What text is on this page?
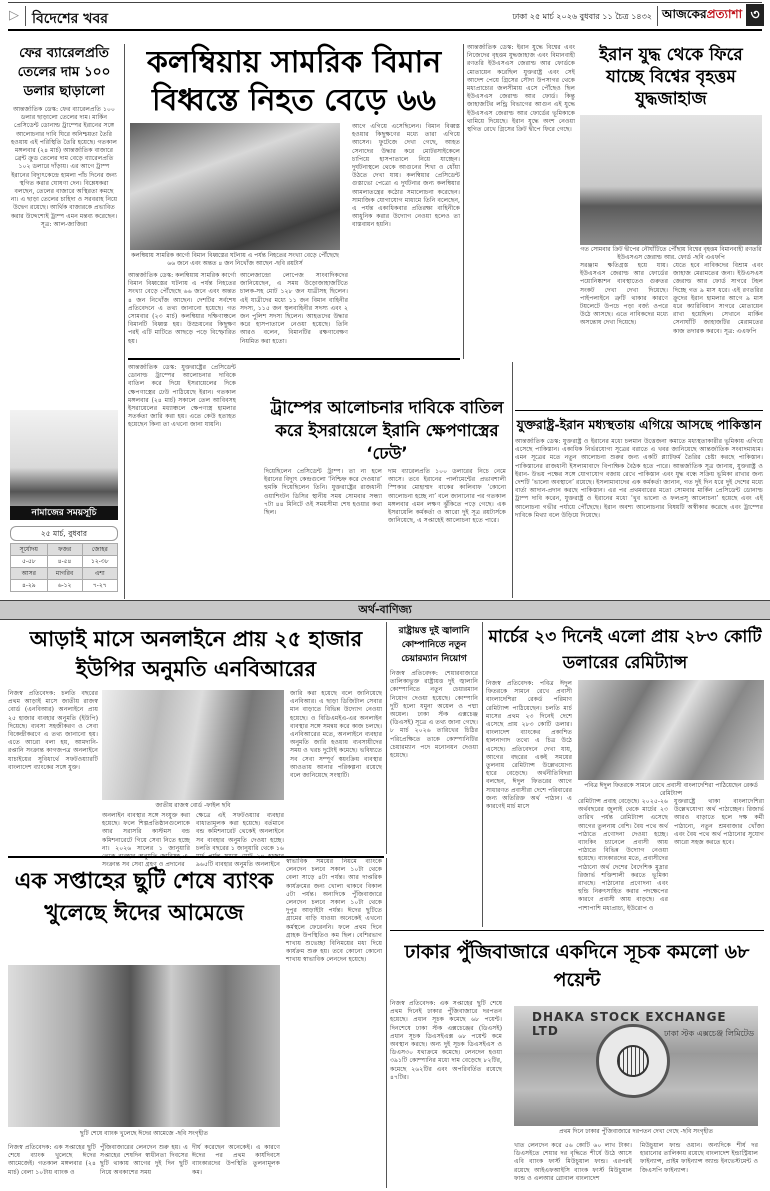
▷ বিদেশের খবর	ঢাকা ২৫ মার্চ ২০২৬ বুধবার ১১ চৈত্র ১৪৩২ আজকেরপ্রত্যাশা ৩
ফের ব্যারেলপ্রতি তেলের দাম ১০০ ডলার ছাড়ালো
আন্তর্জাতিক ডেস্ক: ফের ব্যারেলপ্রতি ১০০ ডলার ছাড়ালো তেলের দাম। মার্কিন প্রেসিডেন্ট ডোনাল্ড ট্রাম্পের ইরানের সঙ্গে আলোচনার দাবি ঘিরে অনিশ্চয়তা তৈরি হওয়ায় এই পরিস্থিতি তৈরি হয়েছে। গতকাল মঙ্গলবার (২৪ মার্চ) আন্তর্জাতিক বাজারে ব্রেন্ট ক্রুড তেলের দাম বেড়ে ব্যারেলপ্রতি ১০২ ডলারে দাঁড়ায়। এর আগে ট্রাম্প ইরানের বিদ্যুৎকেন্দ্রে হামলা পাঁচ দিনের জন্য স্থগিত করার ঘোষণা দেন। বিশ্লেষকরা বলছেন, তেলের বাজারে অস্থিরতা কমছে না। এ ছাড়া তেলের চাহিদা ও সরবরাহ নিয়ে উদ্বেগ রয়েছে। আর্থিক বাজারকে প্রভাবিত করার উদ্দেশ্যেই ট্রাম্প এমন মন্তব্য করেছেন। সূত্র: আল-জাজিরা
কলম্বিয়ায় সামরিক বিমান
বিধ্বস্তে নিহত বেড়ে ৬৬
কলম্বিয়ায় সামরিক কার্গো বিমান বিধ্বস্তের ঘটনায় এ পর্যন্ত নিহতের সংখ্যা বেড়ে পৌঁছেছে ৬৬ জনে এবং অন্তত ৪ জন নিখোঁজ আছেন -ছবি রয়টার্স
আন্তর্জাতিক ডেস্ক: কলম্বিয়ায় সামরিক কার্গো বিমান বিধ্বস্তের ঘটনায় এ পর্যন্ত নিহতের সংখ্যা বেড়ে পৌঁছেছে ৬৬ জনে এবং অন্তত ৪ জন নিখোঁজ আছেন। দেশটির সর্বশেষ প্রতিবেদনে এ তথ্য জানানো হয়েছে। গত সোমবার (২৩ মার্চ) কলম্বিয়ার দক্ষিণাঞ্চলে বিমানটি বিধ্বস্ত হয়। উড্ডয়নের কিছুক্ষণ পরই এটি মাটিতে আছড়ে পড়ে বিস্ফোরিত হয়।
আলেজান্দ্রো লোপেজ সাংবাদিকদের জানিয়েছেন, এ সময় উড়োজাহাজটিতে চালক-সহ মোট ১২৮ জন যাত্রীসহ ছিলেন। এই যাত্রীদের মধ্যে ১১ জন বিমান বাহিনীর সদস্য, ১১৫ জন স্থলবাহিনীর সদস্য এবং ২ জন পুলিশ সদস্য ছিলেন। আহতদের উদ্ধার করে হাসপাতালে নেওয়া হয়েছে। তিনি আরও বলেন, বিমানটির রক্ষণাবেক্ষণ নিয়মিত করা হতো।
আগে এগিয়ে এসেছিলেন। বিমান বিধ্বস্ত হওয়ার কিছুক্ষণের মধ্যে তারা এগিয়ে আসেন। ফুটেজে দেখা গেছে, আহত সেনাদের উদ্ধার করে মোটরসাইকেলে চাপিয়ে হাসপাতালে নিয়ে যাচ্ছেন। দুর্ঘটনাস্থলে থেকে আগুনের শিখা ও ধোঁয়া উঠতে দেখা যায়। কলম্বিয়ার প্রেসিডেন্ট গুস্তাভো পেত্রো এ দুর্ঘটনার জন্য কলম্বিয়ার আমলাতন্ত্রের কঠোর সমালোচনা করেছেন। সামাজিক যোগাযোগ মাধ্যমে তিনি বলেছেন, এ পর্যন্ত একাধিকবার প্রতিরক্ষা বাহিনীকে আধুনিক করার উদ্যোগ নেওয়া হলেও তা বাস্তবায়ন হয়নি।
আন্তর্জাতিক ডেস্ক: ইরান যুদ্ধে বিশ্বের এবং নিজেদের বৃহত্তম যুদ্ধজাহাজ এবং বিমানবাহী রণতরি ইউএসএস জেরাল্ড আর ফোর্ডকে মোতায়েন করেছিল যুক্তরাষ্ট্র এবং সেই আদেশ পেয়ে গ্রিসের সৌদা উপসাগর থেকে মধ্যপ্রাচ্যের জলসীমায় এসে পৌঁছেও ছিল ইউএসএস জেরাল্ড আর ফোর্ড। কিন্তু জাহাজটির লন্ড্রি বিভাগের আগুন এই যুদ্ধে ইউএসএস জেরাল্ড আর ফোর্ডের ভূমিকাকে থামিয়ে দিয়েছে। ইরান যুদ্ধে অংশ নেওয়া স্থগিত রেখে গ্রিসের ক্রিট দ্বীপে ফিরে গেছে।
ইরান যুদ্ধ থেকে ফিরে যাচ্ছে বিশ্বের বৃহত্তম যুদ্ধজাহাজ
গত সোমবার ক্রিট দ্বীপের নৌঘাঁটিতে পৌঁছায় বিশ্বের বৃহত্তম বিমানবাহী রণতরি ইউএসএস জেরাল্ড আর. ফোর্ড -ছবি এএফপি
সরঞ্জাম ক্ষতিগ্রস্ত হয়ে যায়। ইউএসএস জেরাল্ড আর ফোর্ডের পয়োনিষ্কাশন ব্যবস্থাতেও গুরুতর সংকট দেখা দেখা দিয়েছে। পাইপলাইনে ত্রুটি থাকার কারণে টয়লেটে উপচে পড়া বর্জ্য ওপরে উঠে আসছে। এতে নাবিকদের মধ্যে অসন্তোষ দেখা দিয়েছে।
যেতে হবে নাবিকদের বিশ্রাম এবং জাহাজ মেরামতের জন্য। ইউএসএস জেরাল্ড আর ফোর্ড সাগরে টহল দিচ্ছে গত ৯ মাস ধরে। এই রণতরির ক্রুদের ইরান হামলার আগে ৯ মাস ধরে ক্যারিবিয়ান সাগরে মোতায়েন রাখা হয়েছিল। সেখানে মার্কিন সেনাঘাঁটি জাহাজটির মেরামতের কাজ তদারক করবে। সূত্র: এএফপি
নামাজের সময়সূচি
২৫ মার্চ, বুধবার
সূর্যোদয়	ফজর	জোহর
৫-৫৮	৪-৫৪	১২-৩৮
আসর	মাগরিব	এশা
৪-২৯	৬-১২	৭-২৭
আন্তর্জাতিক ডেস্ক: যুক্তরাষ্ট্রের প্রেসিডেন্ট ডোনাল্ড ট্রাম্পের আলোচনার দাবিকে বাতিল করে দিয়ে ইসরায়েলের দিকে ক্ষেপণাস্ত্রের ঢেউ পাঠিয়েছে ইরান। গতকাল মঙ্গলবার (২৪ মার্চ) সকালে তেল আবিবসহ ইসরায়েলের মধ্যাঞ্চলে ক্ষেপণাস্ত্র হামলার সতর্কতা জারি করা হয়। এতে কেউ হতাহত হয়েছেন কিনা তা এখনো জানা যায়নি।
ট্রাম্পের আলোচনার দাবিকে বাতিল করে ইসরায়েলে ইরানি ক্ষেপণাস্ত্রের ‘ঢেউ’
দিয়েছিলেন প্রেসিডেন্ট ট্রাম্প। তা না হলে ইরানের বিদ্যুৎ কেন্দ্রগুলো ‘নিশ্চিহ্ন করে দেওয়ার’ হুমকি দিয়েছিলেন তিনি। যুক্তরাষ্ট্রের রাজধানী ওয়াশিংটন ডিসির স্থানীয় সময় সোমবার সন্ধ্যা ৭টা ৪৪ মিনিটে ওই সময়সীমা শেষ হওয়ার কথা ছিল।
দাম ব্যারেলপ্রতি ১০০ ডলারের নিচে নেমে আসে। তবে ইরানের পার্লামেন্টের প্রভাবশালী স্পিকার মোহাম্মদ বাকের কালিবাফ ‘কোনো আলোচনা হচ্ছে না’ বলে জানানোর পর গতকাল মঙ্গলবার এমন লক্ষণ ঝুঁকিতে পড়ে গেছে। এক ইসরায়েলি কর্মকর্তা ও আরো দুই সূত্র রয়টার্সকে জানিয়েছে, এ সপ্তাহেই আলোচনা হতে পারে।
যুক্তরাষ্ট্র-ইরান মধ্যস্থতায় এগিয়ে আসছে পাকিস্তান
আন্তর্জাতিক ডেস্ক: যুক্তরাষ্ট্র ও ইরানের মধ্যে চলমান উত্তেজনা কমাতে মধ্যস্থতাকারীর ভূমিকায় এগিয়ে এসেছে পাকিস্তান। একাধিক নির্ভরযোগ্য সূত্রের বরাতে এ খবর জানিয়েছে আন্তর্জাতিক সংবাদমাধ্যম। এমন সূত্রের মতে নতুন আলোচনা শুরুর জন্য একটি প্ল্যাটফর্ম তৈরির চেষ্টা করছে পাকিস্তান। পাকিস্তানের রাজধানী ইসলামাবাদে বিপাক্ষিক বৈঠক হতে পারে। আন্তর্জাতিক সূত্র জানায়, যুক্তরাষ্ট্র ও ইরান- উভয় পক্ষের সঙ্গে যোগাযোগ বজায় রেখে পাকিস্তান এবং যুদ্ধ বন্ধে সক্রিয় ভূমিকা রাখার জন্য দেশটি ‘ভালো অবস্থানে’ রয়েছে। ইসলামাবাদের এক কর্মকর্তা জানান, গত দুই দিন ধরে দুই দেশের মধ্যে বার্তা আদান-প্রদান করছে পাকিস্তান। এর পর প্রথমবারের মতো সোমবার মার্কিন প্রেসিডেন্ট ডোনাল্ড ট্রাম্প দাবি করেন, যুক্তরাষ্ট্র ও ইরানের মধ্যে ‘খুব ভালো ও ফলপ্রসূ আলোচনা’ হয়েছে এবং এই আলোচনা গভীর পর্যায়ে পৌঁছেছে। ইরান অবশ্য আলোচনার বিষয়টি অস্বীকার করেছে এবং ট্রাম্পের দাবিকে মিথ্যা বলে উড়িয়ে দিয়েছে।
অর্থ-বাণিজ্য
আড়াই মাসে অনলাইনে প্রায় ২৫ হাজার ইউপির অনুমতি এনবিআরের
নিজস্ব প্রতিবেদক: চলতি বছরের প্রথম আড়াই মাসে জাতীয় রাজস্ব বোর্ড (এনবিআর) অনলাইনে প্রায় ২৫ হাজার ব্যবহার অনুমতি (ইউপি) দিয়েছে। ব্যবসা সহজীকরণ ও সেবা বিকেন্দ্রীকরণে এ তথ্য জানানো হয়। এতে আরো বলা হয়, আমদানি-রপ্তানি সংক্রান্ত কাগজপত্র অনলাইনে যাচাইয়ের সুবিধার্থে সফটওয়্যারটি বাংলাদেশ ব্যাংকের সঙ্গে যুক্ত।
জাতীয় রাজস্ব বোর্ড -ফাইল ছবি
অনলাইন ব্যবস্থার সঙ্গে সংযুক্ত করা হয়েছে। ফলে শিল্পপ্রতিষ্ঠানগুলোকে আর সরাসরি কাস্টমস বন্ড কমিশনারেটে গিয়ে সেবা নিতে হচ্ছে না। ২০২৬ সালের ১ জানুয়ারি সংক্রান্ত সব সেবা গ্রহণ ও প্রদানের
ক্ষেত্রে এই সফটওয়্যার ব্যবহার বাধ্যতামূলক করা হয়েছে। বর্তমানে বন্ড কমিশনারেট থেকেই অনলাইনে সব ব্যবহার অনুমতি দেওয়া হচ্ছে। চলতি বছরের ১ জানুয়ারি থেকে ১৬ ৯৬৫টি ব্যবহার অনুমতি অনলাইনে
জারি করা হয়েছে বলে জানিয়েছে এনবিআর। এ ছাড়া ডিজিটাল সেবার মান বাড়াতে বিভিন্ন উদ্যোগ নেওয়া হয়েছে। ও বিডিএমইএ-এর অনলাইন ব্যবস্থার সঙ্গে সমন্বয় করে কাজ চলছে। এনবিআরের মতে, অনলাইনে ব্যবহার অনুমতি জারি হওয়ায় ব্যবসায়ীদের সময় ও খরচ দুটোই কমেছে। ভবিষ্যতে সব সেবা সম্পূর্ণ স্বয়ংক্রিয় ব্যবস্থার আওতায় আনার পরিকল্পনা রয়েছে বলে জানিয়েছে সংস্থাটি।
রাষ্ট্রায়ত্ত দুই জ্বালানি কোম্পানিতে নতুন চেয়ারম্যান নিয়োগ
নিজস্ব প্রতিবেদক: শেয়ারবাজারে তালিকাভুক্ত রাষ্ট্রায়ত্ত দুই জ্বালানি কোম্পানিতে নতুন চেয়ারম্যান নিয়োগ দেওয়া হয়েছে। কোম্পানি দুটি হলো যমুনা অয়েল ও পদ্মা অয়েল। ঢাকা স্টক এক্সচেঞ্জ (ডিএসই) সূত্রে এ তথ্য জানা গেছে। ৮ মার্চ ২০২৬ তারিখের চিঠির পরিপ্রেক্ষিতে তাকে কোম্পানিটির চেয়ারম্যান পদে মনোনয়ন দেওয়া হয়েছে।
মার্চের ২৩ দিনেই এলো প্রায় ২৮৩ কোটি ডলারের রেমিট্যান্স
নিজস্ব প্রতিবেদক: পবিত্র ঈদুল ফিতরকে সামনে রেখে প্রবাসী বাংলাদেশিরা রেকর্ড পরিমাণ রেমিট্যান্স পাঠিয়েছেন। চলতি মার্চ মাসের প্রথম ২৩ দিনেই দেশে এসেছে প্রায় ২৮৩ কোটি ডলার। বাংলাদেশ ব্যাংকের প্রকাশিত হালনাগাদ তথ্যে এ চিত্র উঠে এসেছে। প্রতিবেদনে দেখা যায়, আগের বছরের একই সময়ের তুলনায় রেমিট্যান্স উল্লেখযোগ্য হারে বেড়েছে। অর্থনীতিবিদরা বলছেন, ঈদুল ফিতরের আগে সাধারণত প্রবাসীরা দেশে পরিবারের জন্য অতিরিক্ত অর্থ পাঠান। এ কারণেই মার্চ মাসে
পবিত্র ঈদুল ফিতরকে সামনে রেখে প্রবাসী বাংলাদেশিরা পাঠিয়েছেন রেকর্ড রেমিট্যান্স
রেমিট্যান্স প্রবাহ বেড়েছে। ২০২৫-২৬ অর্থবছরের জুলাই থেকে মার্চের ২৩ তারিখ পর্যন্ত রেমিট্যান্স এসেছে আগের তুলনায় বেশি। বৈধ পথে অর্থ পাঠাতে প্রণোদনা দেওয়া হচ্ছে। ব্যাংকিং চ্যানেলে প্রবাসী আয় পাঠাতে বিভিন্ন উদ্যোগ নেওয়া হয়েছে। ব্যাংকারদের মতে, প্রবাসীদের পাঠানো অর্থ দেশের বৈদেশিক মুদ্রার রিজার্ভ শক্তিশালী করতে ভূমিকা রাখছে। পাঠানোর প্রণোদনা এবং হুন্ডি নিরুৎসাহিত করার পদক্ষেপের কারণে প্রবাসী আয় বাড়ছে। এর পাশাপাশি মধ্যপ্রাচ্য, ইউরোপ ও
যুক্তরাষ্ট্রে থাকা বাংলাদেশিরা উল্লেখযোগ্য অর্থ পাঠাচ্ছেন। রিজার্ভ আরও বাড়াতে হলে দক্ষ কর্মী পাঠানো, নতুন শ্রমবাজার খোঁজা এবং বৈধ পথে অর্থ পাঠানোর সুযোগ আরো সহজ করতে হবে।
এক সপ্তাহের ছুটি শেষে ব্যাংক খুলেছে ঈদের আমেজে
ছুটি শেষে ব্যাংক খুলেছে ঈদের আমেজে -ছবি সংগৃহীত
নিজস্ব প্রতিবেদক: এক সপ্তাহের ছুটি শেষে ব্যাংক খুলেছে ঈদের আমেজেই। গতকাল মঙ্গলবার (২৪ মার্চ) বেলা ১০টায় ব্যাংক ও
পুঁজিবাজারের লেনদেন শুরু হয়। এ সপ্তাহের শেষদিন স্বাধীনতা দিবসের ছুটি থাকায় আগের দুই দিন ছুটি নিয়ে অবকাশের সময়
দীর্ঘ করেছেন অনেকেই। এ কারণে ঈদের পর প্রথম কার্যদিবসে ব্যাংকারদের উপস্থিতি তুলনামূলক কম।
স্বাভাবিক সময়ের নিয়মে ব্যাংকে লেনদেন চলবে সকাল ১০টা থেকে বেলা সাড়ে ৪টা পর্যন্ত। আর দাপ্তরিক কার্যক্রমের জন্য খোলা থাকবে বিকাল ৫টা পর্যন্ত। অন্যদিকে পুঁজিবাজারে লেনদেন চলবে সকাল ১০টা থেকে দুপুর আড়াইটা পর্যন্ত। ঈদের ছুটিতে গ্রামের বাড়ি যাওয়া অনেকেই এখনো কর্মস্থলে ফেরেননি। ফলে প্রথম দিনে গ্রাহক উপস্থিতিও কম ছিল। বেশিরভাগ শাখায় শুভেচ্ছা বিনিময়ের মধ্য দিয়ে কার্যক্রম শুরু হয়। তবে কোনো কোনো শাখায় স্বাভাবিক লেনদেন হয়েছে।	ঢাকার পুঁজিবাজারে একদিনে সূচক কমলো ৬৮ পয়েন্ট
নিজস্ব প্রতিবেদক: এক সপ্তাহের ছুটি শেষে প্রথম দিনেই ঢাকার পুঁজিবাজারে দরপতন হয়েছে। প্রধান সূচক কমেছে ৬৮ পয়েন্ট। দিনশেষে ঢাকা স্টক এক্সচেঞ্জের (ডিএসই) প্রধান সূচক ডিএসইএক্স ৬৮ পয়েন্ট কমে অবস্থান করছে। অন্য দুই সূচক ডিএসইএস ও ডিএস৩০ যথাক্রমে কমেছে। লেনদেন হওয়া ৩৯১টি কোম্পানির মধ্যে দাম বেড়েছে ৮২টির, কমেছে ২৬২টির এবং অপরিবর্তিত রয়েছে ৪৭টির।
DHAKA STOCK EXCHANGE LTD	ঢাকা স্টক এক্সচেঞ্জ লিমিটেড
প্রথম দিনে ঢাকার পুঁজিবাজারে দরপতন দেখা গেছে -ছবি সংগৃহীত
খাত লেনদেন করে ৫৬ কোটি ৬০ লাখ টাকা। ডিএসইতে শেয়ার দর বৃদ্ধিতে শীর্ষে উঠে আসে এবি ব্যাংক ফার্স্ট মিউচুয়াল ফান্ড। এরপরই রয়েছে আইএফআইসি ব্যাংক ফার্স্ট মিউচুয়াল ফান্ড ও এলআর গ্লোবাল বাংলাদেশ
মিউচুয়াল ফান্ড ওয়ান। অন্যদিকে শীর্ষ দর হারানোর তালিকায় রয়েছে বাংলাদেশ ইন্ডাস্ট্রিয়াল ফাইন্যান্স, প্রাইম ফাইন্যান্স অ্যান্ড ইনভেস্টমেন্ট ও জিএসপি ফাইন্যান্স।
